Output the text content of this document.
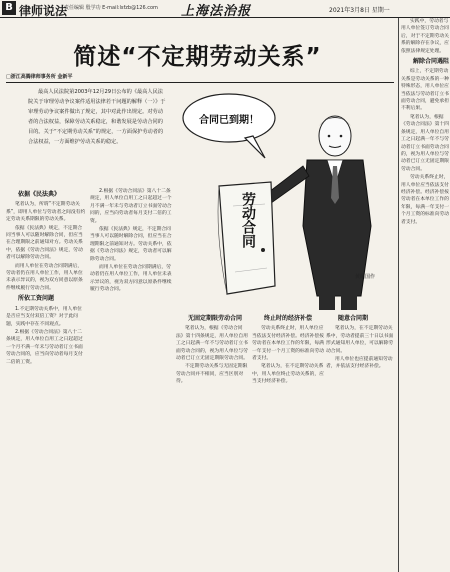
B 律师说法
责任编辑 殷学功 E-mail:lsfzb@126.com 上海法治报	2021年3月8日 星期一
简述“不定期劳动关系”
□浙江高腾律师事务所 金新平

最高人民法院第2003年12月29日公布的《最高人民法院关于审理劳动争议案件适用法律若干问题的解释（一）》于审理劳动争议案件做出了规定，其中对此作出规定。对劳动者的合法权益，保障劳动关系稳定，和谐发展是劳动合同的目的。关于“不定期劳动关系”的规定，一方面保护劳动者的合法权益，一方面维护劳动关系的稳定。

合同已到期！
劳动合同
黄颐国作
依据《民法典》

笔者认为，所谓“不定期劳动关系”，即用人单位与劳动者之间没有约定劳动关系期限的劳动关系。

依据《民法典》规定，不定期合同当事人可以随时解除合同，但应当在合理期限之前通知对方。劳动关系中，依据《劳动合同法》规定，劳动者可以解除劳动合同。

而用人单位在劳动合同期满后，劳动者仍在用人单位工作，用人单位未表示异议的，视为双方同意以原条件继续履行劳动合同。

所依工资问题

1.不定期劳动关系中，用人单位是否应当支付双倍工资？对于此问题，实践中存在不同观点。

2.根据《劳动合同法》第八十二条规定，用人单位自用工之日起超过一个月不满一年未与劳动者订立书面劳动合同的，应当向劳动者每月支付二倍的工资。

2.根据《劳动合同法》第八十二条规定，用人单位自用工之日起超过一个月不满一年未与劳动者订立书面劳动合同的，应当向劳动者每月支付二倍的工资。

依据《民法典》规定，不定期合同当事人可以随时解除合同，但应当在合理期限之前通知对方。劳动关系中，依据《劳动合同法》规定，劳动者可以解除劳动合同。

而用人单位在劳动合同期满后，劳动者仍在用人单位工作，用人单位未表示异议的，视为双方同意以原条件继续履行劳动合同。

无固定期限劳动合同

笔者认为，根据《劳动合同法》第十四条规定，用人单位自用工之日起满一年不与劳动者订立书面劳动合同的，视为用人单位与劳动者已订立无固定期限劳动合同。

不定期劳动关系与无固定期限劳动合同并不相同，应当区别对待。

终止时的经济补偿

劳动关系终止时，用人单位应当依法支付经济补偿。经济补偿按劳动者在本单位工作的年限，每满一年支付一个月工资的标准向劳动者支付。

笔者认为，在不定期劳动关系中，用人单位终止劳动关系的，应当支付经济补偿。

随意合同期

笔者认为，在不定期劳动关系中，劳动者提前三十日以书面形式通知用人单位，可以解除劳动合同。

用人单位也应提前通知劳动者，并依法支付经济补偿。

实践中，劳动者与用人单位签订劳动合同后，对于不定期劳动关系的解除存在争议，应依照法律规定处理。

解除合同遇阻

综上，不定期劳动关系是劳动关系的一种特殊形态，用人单位应当依法与劳动者订立书面劳动合同，避免承担不利后果。

笔者认为，根据《劳动合同法》第十四条规定，用人单位自用工之日起满一年不与劳动者订立书面劳动合同的，视为用人单位与劳动者已订立无固定期限劳动合同。

劳动关系终止时，用人单位应当依法支付经济补偿。经济补偿按劳动者在本单位工作的年限，每满一年支付一个月工资的标准向劳动者支付。
